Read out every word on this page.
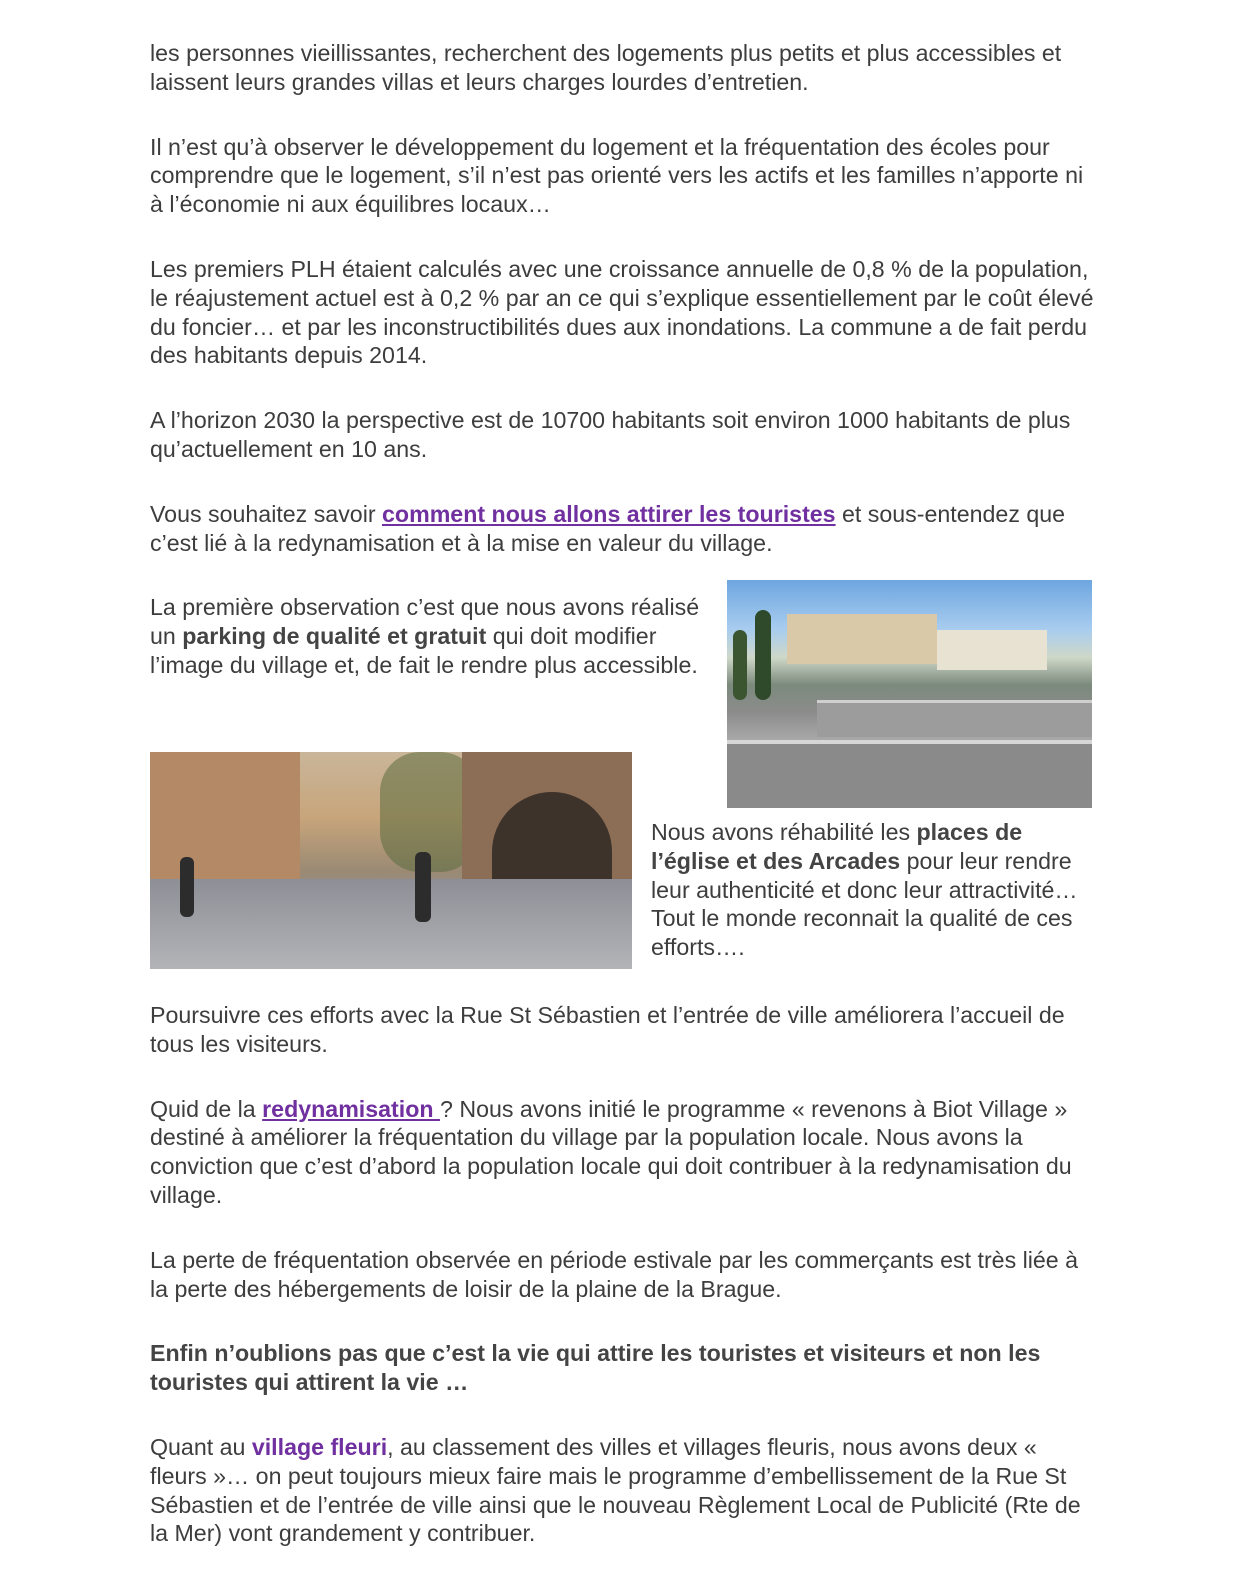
les personnes vieillissantes, recherchent des logements plus petits et plus accessibles et laissent leurs grandes villas et leurs charges lourdes d’entretien.

Il n’est qu’à observer le développement du logement et la fréquentation des écoles pour comprendre que le logement, s’il n’est pas orienté vers les actifs et les familles n’apporte ni à l’économie ni aux équilibres locaux…

Les premiers PLH étaient calculés avec une croissance annuelle de 0,8 % de la population, le réajustement actuel est à 0,2 % par an ce qui s’explique essentiellement par le coût élevé du foncier… et par les inconstructibilités dues aux inondations. La commune a de fait perdu des habitants depuis 2014.

A l’horizon 2030 la perspective est de 10700 habitants soit environ 1000 habitants de plus qu’actuellement en 10 ans.

Vous souhaitez savoir comment nous allons attirer les touristes et sous-entendez que c’est lié à la redynamisation et à la mise en valeur du village.

La première observation c’est que nous avons réalisé un parking de qualité et gratuit qui doit modifier l’image du village et, de fait le rendre plus accessible.

Nous avons réhabilité les places de l’église et des Arcades pour leur rendre leur authenticité et donc leur attractivité… Tout le monde reconnait la qualité de ces efforts….

Poursuivre ces efforts avec la Rue St Sébastien et l’entrée de ville améliorera l’accueil de tous les visiteurs.

Quid de la redynamisation ? Nous avons initié le programme « revenons à Biot Village » destiné à améliorer la fréquentation du village par la population locale. Nous avons la conviction que c’est d’abord la population locale qui doit contribuer à la redynamisation du village.

La perte de fréquentation observée en période estivale par les commerçants est très liée à la perte des hébergements de loisir de la plaine de la Brague.

Enfin n’oublions pas que c’est la vie qui attire les touristes et visiteurs et non les touristes qui attirent la vie …

Quant au village fleuri, au classement des villes et villages fleuris, nous avons deux « fleurs »… on peut toujours mieux faire mais le programme d’embellissement de la Rue St Sébastien et de l’entrée de ville ainsi que le nouveau Règlement Local de Publicité (Rte de la Mer) vont grandement y contribuer.
